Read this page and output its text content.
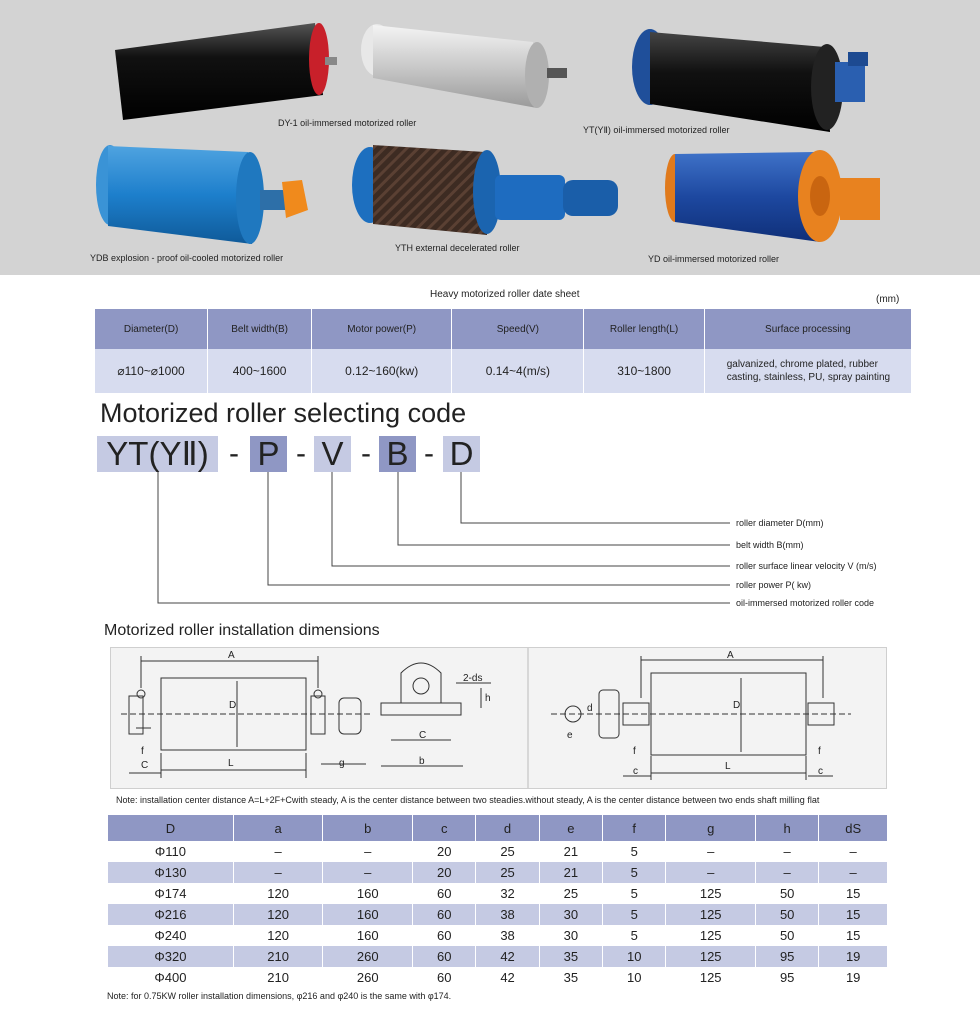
DY-1 oil-immersed motorized roller
YT(YⅡ) oil-immersed motorized roller
YDB explosion - proof oil-cooled motorized roller
YTH external decelerated roller
YD oil-immersed motorized roller
Heavy motorized roller date sheet	(mm)
Diameter(D)	Belt width(B)	Motor power(P)	Speed(V)	Roller length(L)	Surface processing
⌀110~⌀1000	400~1600	0.12~160(kw)	0.14~4(m/s)	310~1800	galvanized, chrome plated, rubber casting, stainless, PU, spray painting
Motorized roller selecting code
YT(YⅡ) - P - V - B - D
roller diameter D(mm)
belt width B(mm)
roller surface linear velocity V (m/s)
roller power P( kw)
oil-immersed motorized roller code
Motorized roller installation dimensions
A
D
L
f
C	g
C
b
2-ds
h
A
D
L
f	f
c	c
d
e
Note: installation center distance A=L+2F+Cwith steady, A is the center distance between two steadies.without steady, A is the center distance between two ends shaft milling flat
D	a	b	c	d	e	f	g	h	dS
Φ110	–	–	20	25	21	5	–	–	–
Φ130	–	–	20	25	21	5	–	–	–
Φ174	120	160	60	32	25	5	125	50	15
Φ216	120	160	60	38	30	5	125	50	15
Φ240	120	160	60	38	30	5	125	50	15
Φ320	210	260	60	42	35	10	125	95	19
Φ400	210	260	60	42	35	10	125	95	19
Note: for 0.75KW roller installation dimensions, φ216 and φ240 is the same with φ174.
